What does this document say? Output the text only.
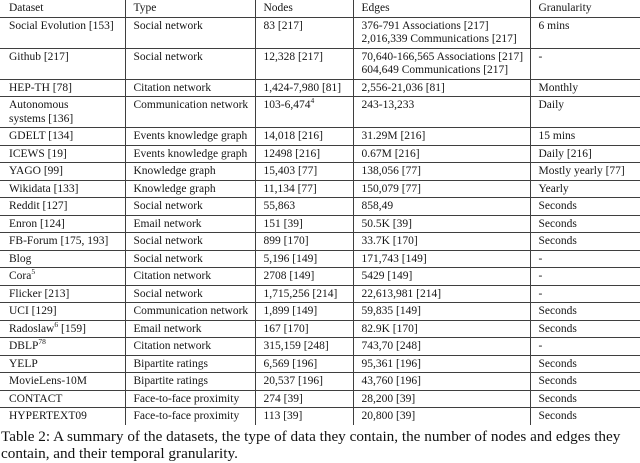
Dataset	Type	Nodes	Edges	Granularity
Social Evolution [153]	Social network	83 [217]	376-791 Associations [217]
2,016,339 Communications [217]	6 mins
Github [217]	Social network	12,328 [217]	70,640-166,565 Associations [217]
604,649 Communications [217]	-
HEP-TH [78]	Citation network	1,424-7,980 [81]	2,556-21,036 [81]	Monthly
Autonomous
systems [136]	Communication network	103-6,474$^4$	243-13,233	Daily
GDELT [134]	Events knowledge graph	14,018 [216]	31.29M [216]	15 mins
ICEWS [19]	Events knowledge graph	12498 [216]	0.67M [216]	Daily [216]
YAGO [99]	Knowledge graph	15,403 [77]	138,056 [77]	Mostly yearly [77]
Wikidata [133]	Knowledge graph	11,134 [77]	150,079 [77]	Yearly
Reddit [127]	Social network	55,863	858,49	Seconds
Enron [124]	Email network	151 [39]	50.5K [39]	Seconds
FB-Forum [175, 193]	Social network	899 [170]	33.7K [170]	Seconds
Blog	Social network	5,196 [149]	171,743 [149]	-
Cora$^5$	Citation network	2708 [149]	5429 [149]	-
Flicker [213]	Social network	1,715,256 [214]	22,613,981 [214]	-
UCI [129]	Communication network	1,899 [149]	59,835 [149]	Seconds
Radoslaw$^6$ [159]	Email network	167 [170]	82.9K [170]	Seconds
DBLP$^{78}$	Citation network	315,159 [248]	743,70 [248]	-
YELP	Bipartite ratings	6,569 [196]	95,361 [196]	Seconds
MovieLens-10M	Bipartite ratings	20,537 [196]	43,760 [196]	Seconds
CONTACT	Face-to-face proximity	274 [39]	28,200 [39]	Seconds
HYPERTEXT09	Face-to-face proximity	113 [39]	20,800 [39]	Seconds

Table 2: A summary of the datasets, the type of data they contain, the number of nodes and edges they contain, and their temporal granularity.
